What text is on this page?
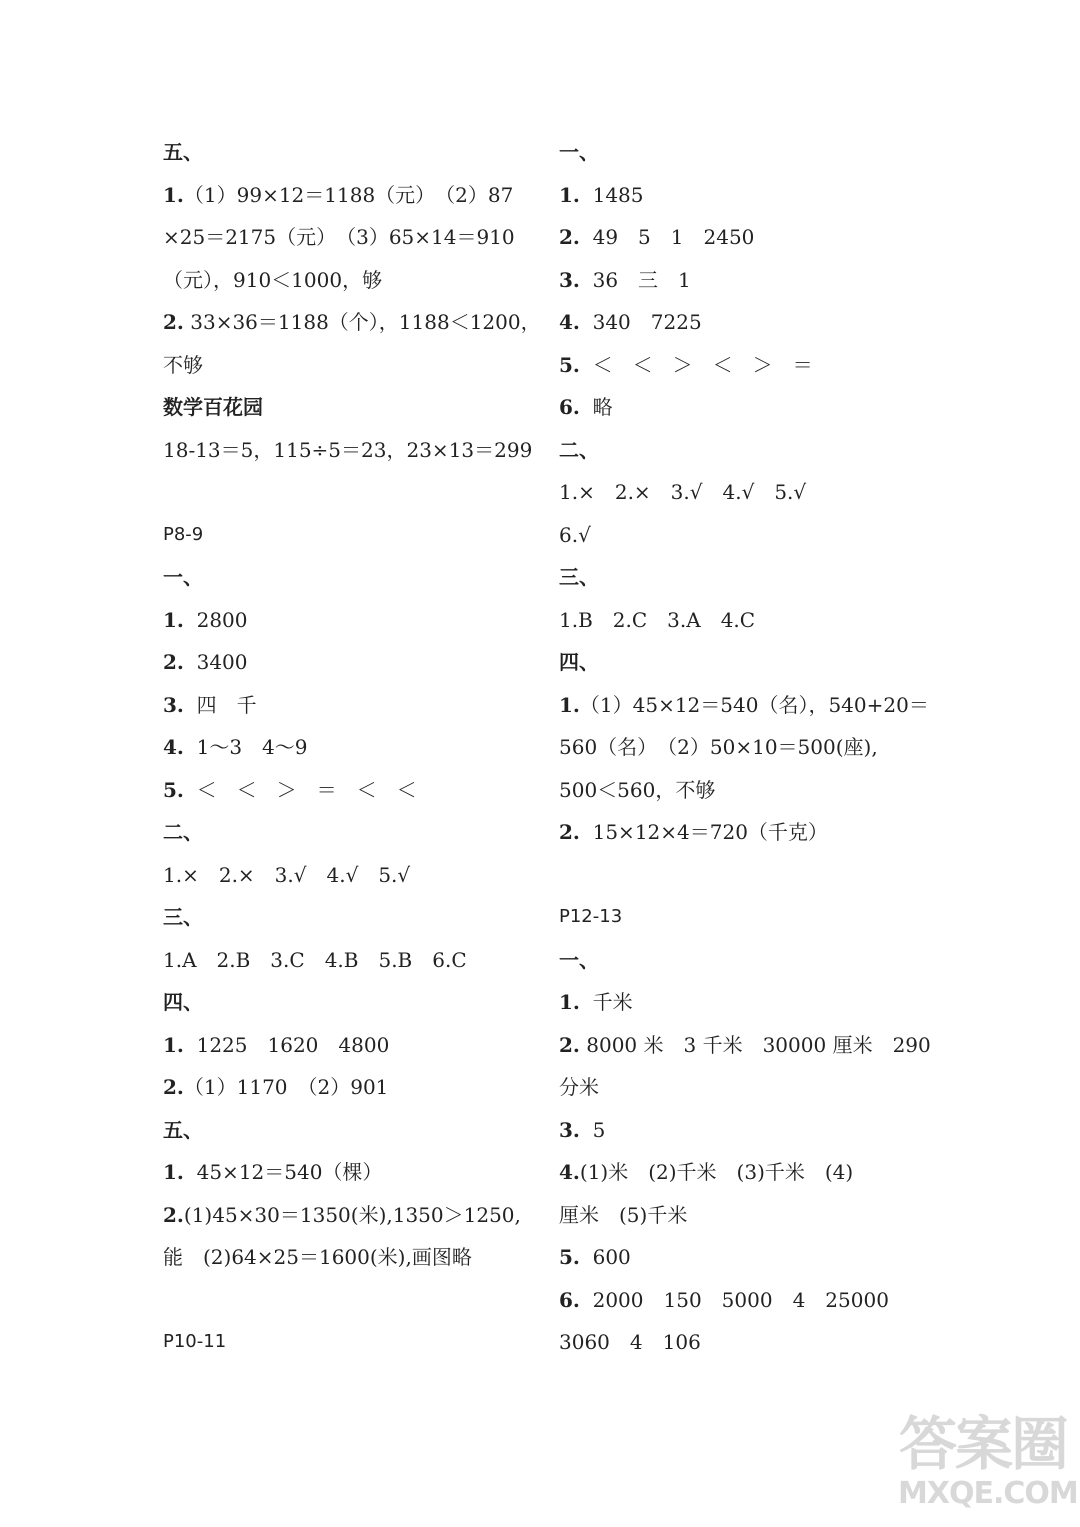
五、
1.（1）99×12＝1188（元）　（2）87
×25＝2175（元）　（3）65×14＝910
（元），910＜1000，够
2. 33×36＝1188（个），1188＜1200，
不够
数学百花园
18-13＝5，115÷5＝23，23×13＝299
P8-9
一、
1.  2800
2.  3400
3.  四　千
4.  1～3　4～9
5.  ＜　＜　＞　＝　＜　＜
二、
1.×　2.×　3.√　4.√　5.√
三、
1.A　2.B　3.C　4.B　5.B　6.C
四、
1.  1225　1620　4800
2.（1）1170　（2）901
五、
1.  45×12＝540（棵）
2.(1)45×30＝1350(米),1350＞1250,
能　(2)64×25＝1600(米),画图略
P10-11
一、
1.  1485
2.  49　5　1　2450
3.  36　三　1
4.  340　7225
5.  ＜　＜　＞　＜　＞　＝
6.  略
二、
1.×　2.×　3.√　4.√　5.√
6.√
三、
1.B　2.C　3.A　4.C
四、
1.（1）45×12＝540（名），540+20＝
560（名）　（2）50×10＝500(座),
500＜560，不够
2.  15×12×4＝720（千克）
P12-13
一、
1.  千米
2. 8000 米　3 千米　30000 厘米　290
分米
3.  5
4.(1)米　(2)千米　(3)千米　(4)
厘米　(5)千米
5.  600
6.  2000　150　5000　4　25000
3060　4　106
答案圈
MXQE.COM
